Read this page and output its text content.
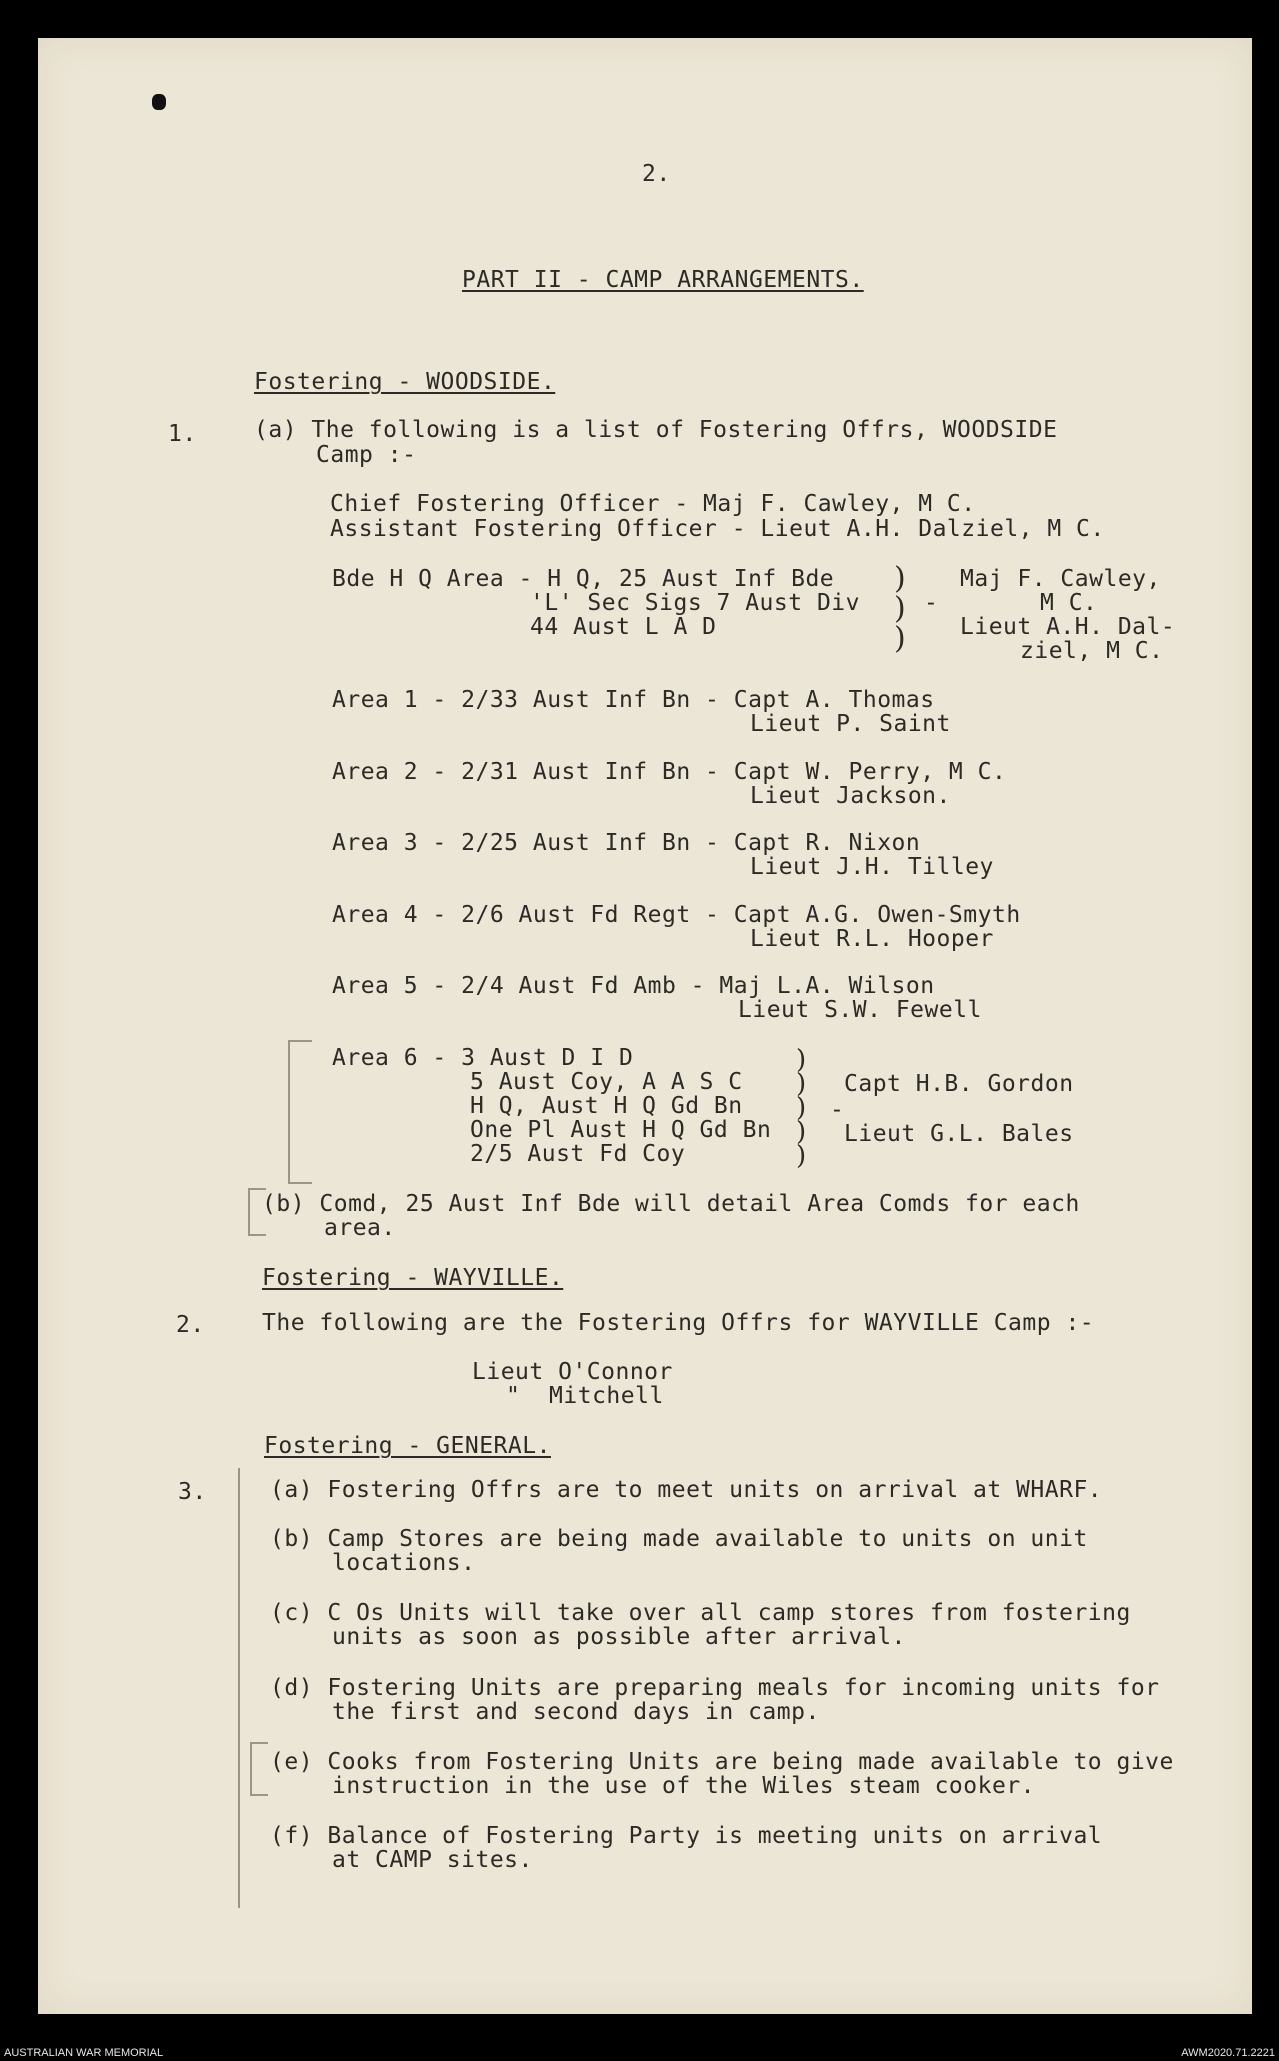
2.
PART II - CAMP ARRANGEMENTS.
Fostering - WOODSIDE.
1. (a) The following is a list of Fostering Offrs, WOODSIDE
Camp :-
Chief Fostering Officer - Maj F. Cawley, M C.
Assistant Fostering Officer - Lieut A.H. Dalziel, M C.
Bde H Q Area - H Q, 25 Aust Inf Bde
'L' Sec Sigs 7 Aust Div
44 Aust L A D
)
)
)
-
Maj F. Cawley,
M C.
Lieut A.H. Dal-
ziel, M C.
Area 1 - 2/33 Aust Inf Bn - Capt A. Thomas
Lieut P. Saint
Area 2 - 2/31 Aust Inf Bn - Capt W. Perry, M C.
Lieut Jackson.
Area 3 - 2/25 Aust Inf Bn - Capt R. Nixon
Lieut J.H. Tilley
Area 4 - 2/6 Aust Fd Regt - Capt A.G. Owen-Smyth
Lieut R.L. Hooper
Area 5 - 2/4 Aust Fd Amb - Maj L.A. Wilson
Lieut S.W. Fewell
Area 6 - 3 Aust D I D
5 Aust Coy, A A S C
H Q, Aust H Q Gd Bn
One Pl Aust H Q Gd Bn
2/5 Aust Fd Coy
)
)
)
)
)
Capt H.B. Gordon
-
Lieut G.L. Bales
(b) Comd, 25 Aust Inf Bde will detail Area Comds for each
area.
Fostering - WAYVILLE.
2. The following are the Fostering Offrs for WAYVILLE Camp :-
Lieut O'Connor
"  Mitchell
Fostering - GENERAL.
3.	(a) Fostering Offrs are to meet units on arrival at WHARF.
(b) Camp Stores are being made available to units on unit
locations.
(c) C Os Units will take over all camp stores from fostering
units as soon as possible after arrival.
(d) Fostering Units are preparing meals for incoming units for
the first and second days in camp.
(e) Cooks from Fostering Units are being made available to give
instruction in the use of the Wiles steam cooker.
(f) Balance of Fostering Party is meeting units on arrival
at CAMP sites.
AUSTRALIAN WAR MEMORIAL	AWM2020.71.2221
